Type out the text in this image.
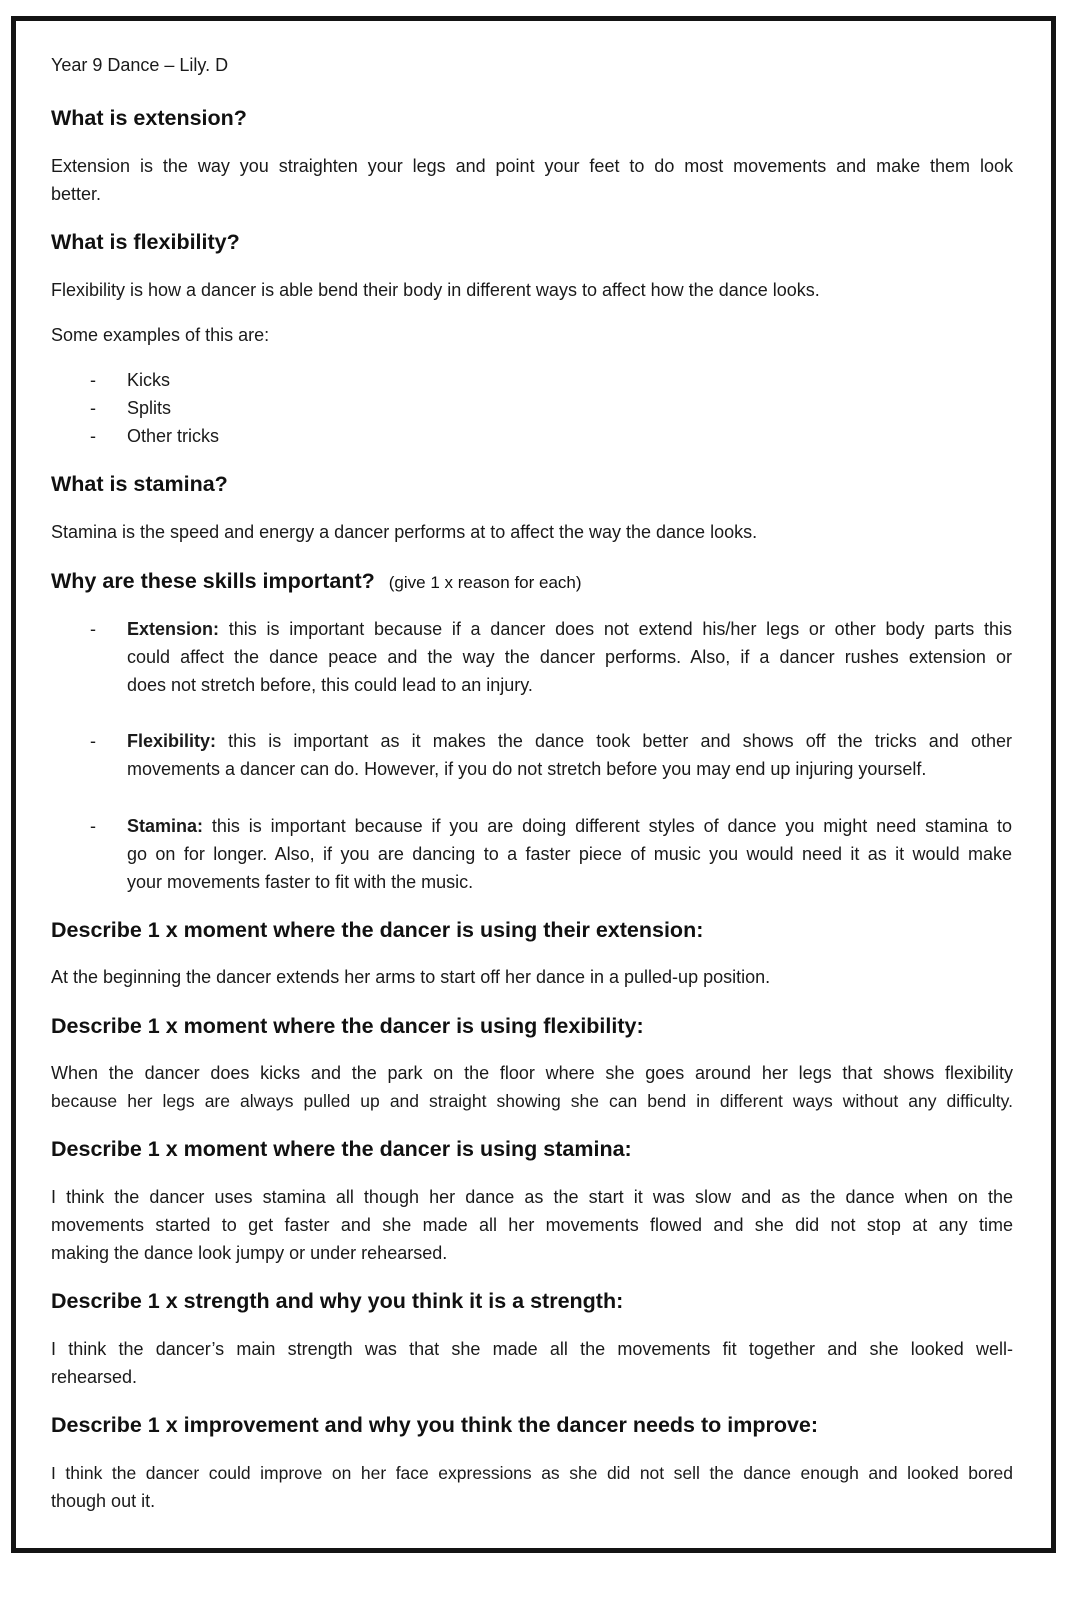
Year 9 Dance – Lily. D
What is extension?
Extension is the way you straighten your legs and point your feet to do most movements and make them look
better.
What is flexibility?
Flexibility is how a dancer is able bend their body in different ways to affect how the dance looks.
Some examples of this are:
- Kicks
- Splits
- Other tricks
What is stamina?
Stamina is the speed and energy a dancer performs at to affect the way the dance looks.
Why are these skills important? (give 1 x reason for each)
- Extension: this is important because if a dancer does not extend his/her legs or other body parts this
could affect the dance peace and the way the dancer performs. Also, if a dancer rushes extension or
does not stretch before, this could lead to an injury.
- Flexibility: this is important as it makes the dance took better and shows off the tricks and other
movements a dancer can do. However, if you do not stretch before you may end up injuring yourself.
- Stamina: this is important because if you are doing different styles of dance you might need stamina to
go on for longer. Also, if you are dancing to a faster piece of music you would need it as it would make
your movements faster to fit with the music.
Describe 1 x moment where the dancer is using their extension:
At the beginning the dancer extends her arms to start off her dance in a pulled-up position.
Describe 1 x moment where the dancer is using flexibility:
When the dancer does kicks and the park on the floor where she goes around her legs that shows flexibility
because her legs are always pulled up and straight showing she can bend in different ways without any difficulty.
Describe 1 x moment where the dancer is using stamina:
I think the dancer uses stamina all though her dance as the start it was slow and as the dance when on the
movements started to get faster and she made all her movements flowed and she did not stop at any time
making the dance look jumpy or under rehearsed.
Describe 1 x strength and why you think it is a strength:
I think the dancer’s main strength was that she made all the movements fit together and she looked well-
rehearsed.
Describe 1 x improvement and why you think the dancer needs to improve:
I think the dancer could improve on her face expressions as she did not sell the dance enough and looked bored
though out it.
